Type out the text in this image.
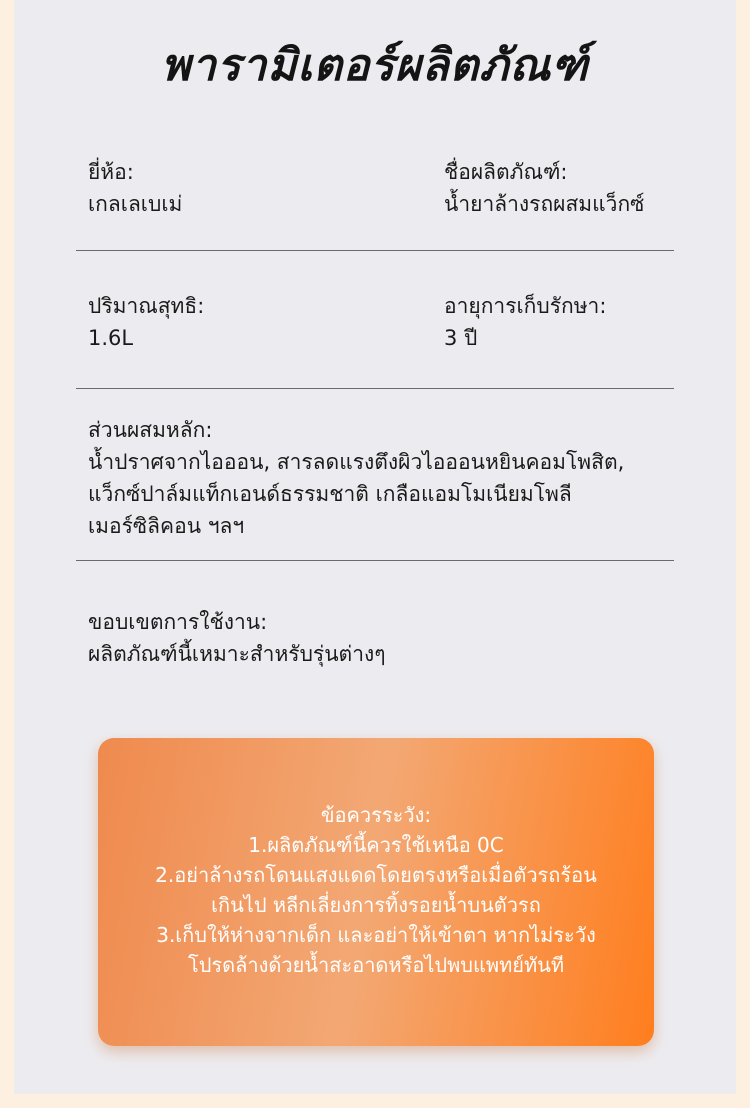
พารามิเตอร์ผลิตภัณฑ์
ยี่ห้อ:
เกลเลเบเม่
ชื่อผลิตภัณฑ์:
น้ำยาล้างรถผสมแว็กซ์
ปริมาณสุทธิ:
1.6L
อายุการเก็บรักษา:
3 ปี
ส่วนผสมหลัก:
น้ำปราศจากไอออน, สารลดแรงตึงผิวไอออนหยินคอมโพสิต,
แว็กซ์ปาล์มแท็กเอนด์ธรรมชาติ เกลือแอมโมเนียมโพลี
เมอร์ซิลิคอน ฯลฯ
ขอบเขตการใช้งาน:
ผลิตภัณฑ์นี้เหมาะสำหรับรุ่นต่างๆ
ข้อควรระวัง:
1.ผลิตภัณฑ์นี้ควรใช้เหนือ 0C
2.อย่าล้างรถโดนแสงแดดโดยตรงหรือเมื่อตัวรถร้อน
เกินไป หลีกเลี่ยงการทิ้งรอยน้ำบนตัวรถ
3.เก็บให้ห่างจากเด็ก และอย่าให้เข้าตา หากไม่ระวัง
โปรดล้างด้วยน้ำสะอาดหรือไปพบแพทย์ทันที
